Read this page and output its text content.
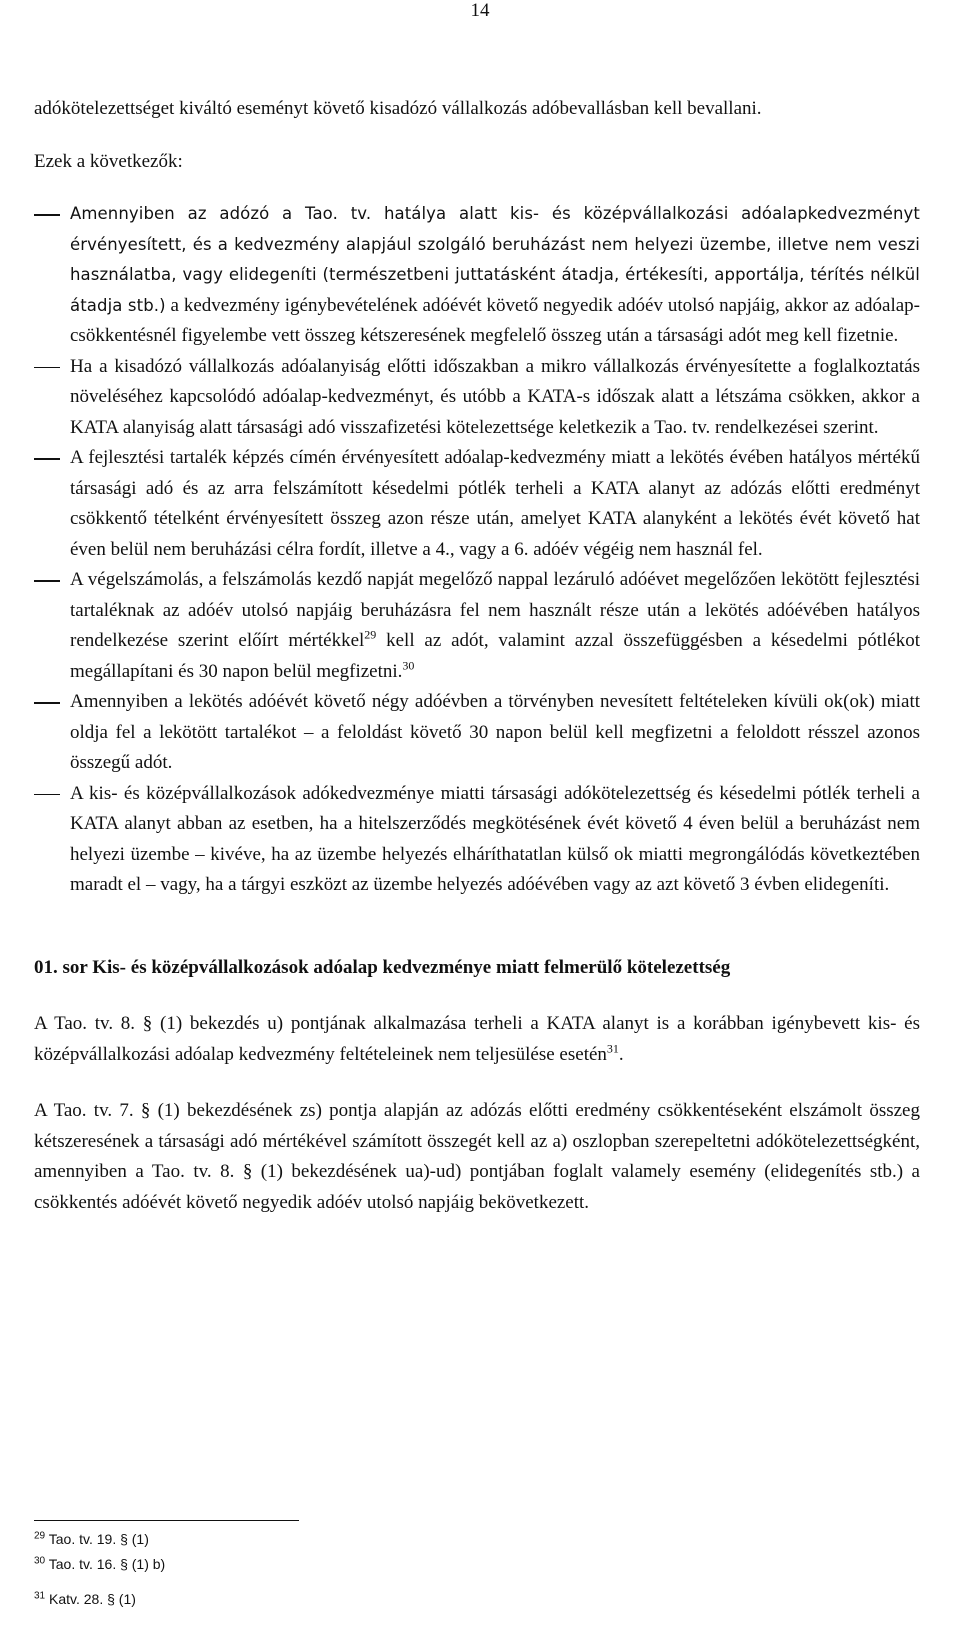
14

adókötelezettséget kiváltó eseményt követő kisadózó vállalkozás adóbevallásban kell bevallani.

Ezek a következők:

Amennyiben az adózó a Tao. tv. hatálya alatt kis- és középvállalkozási adóalapkedvezményt érvényesített, és a kedvezmény alapjául szolgáló beruházást nem helyezi üzembe, illetve nem veszi használatba, vagy elidegeníti (természetbeni juttatásként átadja, értékesíti, apportálja, térítés nélkül átadja stb.) a kedvezmény igénybevételének adóévét követő negyedik adóév utolsó napjáig, akkor az adóalap-csökkentésnél figyelembe vett összeg kétszeresének megfelelő összeg után a társasági adót meg kell fizetnie.
Ha a kisadózó vállalkozás adóalanyiság előtti időszakban a mikro vállalkozás érvényesítette a foglalkoztatás növeléséhez kapcsolódó adóalap-kedvezményt, és utóbb a KATA-s időszak alatt a létszáma csökken, akkor a KATA alanyiság alatt társasági adó visszafizetési kötelezettsége keletkezik a Tao. tv. rendelkezései szerint.
A fejlesztési tartalék képzés címén érvényesített adóalap-kedvezmény miatt a lekötés évében hatályos mértékű társasági adó és az arra felszámított késedelmi pótlék terheli a KATA alanyt az adózás előtti eredményt csökkentő tételként érvényesített összeg azon része után, amelyet KATA alanyként a lekötés évét követő hat éven belül nem beruházási célra fordít, illetve a 4., vagy a 6. adóév végéig nem használ fel.
A végelszámolás, a felszámolás kezdő napját megelőző nappal lezáruló adóévet megelőzően lekötött fejlesztési tartaléknak az adóév utolsó napjáig beruházásra fel nem használt része után a lekötés adóévében hatályos rendelkezése szerint előírt mértékkel$^{29}$ kell az adót, valamint azzal összefüggésben a késedelmi pótlékot megállapítani és 30 napon belül megfizetni.$^{30}$
Amennyiben a lekötés adóévét követő négy adóévben a törvényben nevesített feltételeken kívüli ok(ok) miatt oldja fel a lekötött tartalékot – a feloldást követő 30 napon belül kell megfizetni a feloldott résszel azonos összegű adót.
A kis- és középvállalkozások adókedvezménye miatti társasági adókötelezettség és késedelmi pótlék terheli a KATA alanyt abban az esetben, ha a hitelszerződés megkötésének évét követő 4 éven belül a beruházást nem helyezi üzembe – kivéve, ha az üzembe helyezés elháríthatatlan külső ok miatti megrongálódás következtében maradt el – vagy, ha a tárgyi eszközt az üzembe helyezés adóévében vagy az azt követő 3 évben elidegeníti.

01. sor Kis- és középvállalkozások adóalap kedvezménye miatt felmerülő kötelezettség

A Tao. tv. 8. § (1) bekezdés u) pontjának alkalmazása terheli a KATA alanyt is a korábban igénybevett kis- és középvállalkozási adóalap kedvezmény feltételeinek nem teljesülése esetén$^{31}$.

A Tao. tv. 7. § (1) bekezdésének zs) pontja alapján az adózás előtti eredmény csökkentéseként elszámolt összeg kétszeresének a társasági adó mértékével számított összegét kell az a) oszlopban szerepeltetni adókötelezettségként, amennyiben a Tao. tv. 8. § (1) bekezdésének ua)-ud) pontjában foglalt valamely esemény (elidegenítés stb.) a csökkentés adóévét követő negyedik adóév utolsó napjáig bekövetkezett.

$^{29}$ Tao. tv. 19. § (1)
$^{30}$ Tao. tv. 16. § (1) b)
$^{31}$ Katv. 28. § (1)
